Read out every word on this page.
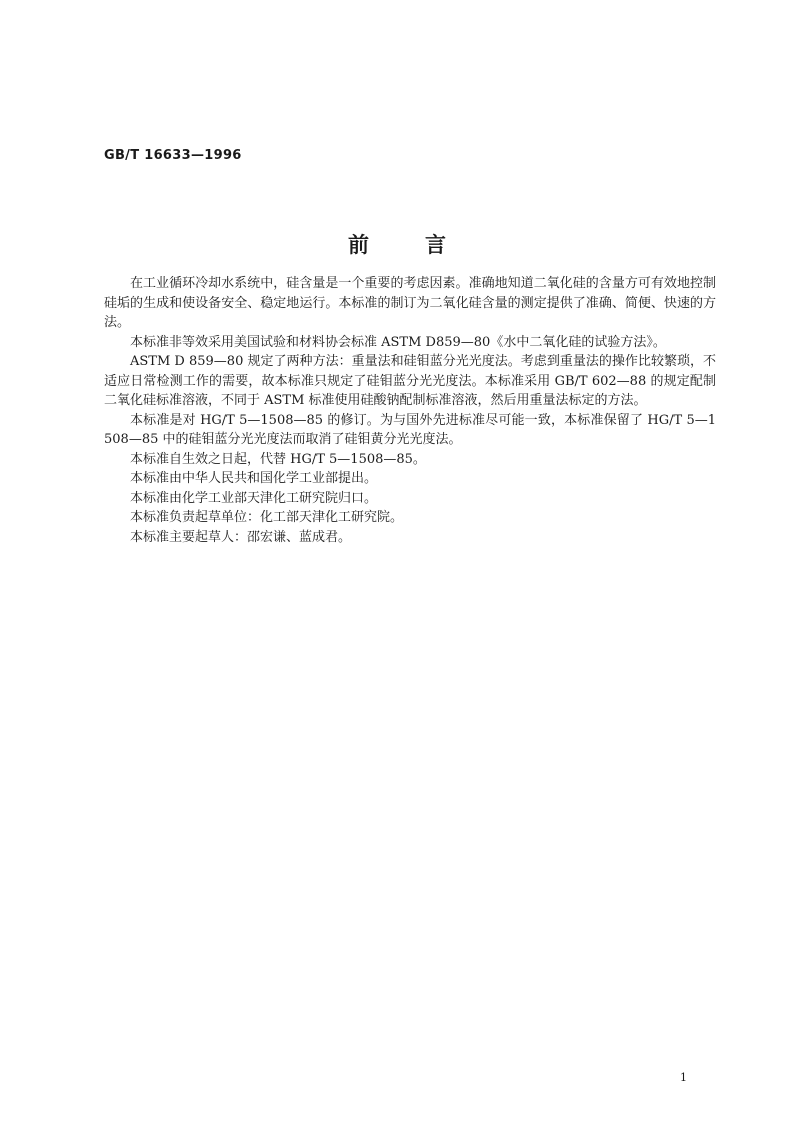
GB/T 16633—1996
前言

在工业循环冷却水系统中，硅含量是一个重要的考虑因素。准确地知道二氧化硅的含量方可有效地控制硅垢的生成和使设备安全、稳定地运行。本标准的制订为二氧化硅含量的测定提供了准确、简便、快速的方法。

本标准非等效采用美国试验和材料协会标准 ASTM D859—80《水中二氧化硅的试验方法》。

ASTM D 859—80 规定了两种方法：重量法和硅钼蓝分光光度法。考虑到重量法的操作比较繁琐，不适应日常检测工作的需要，故本标准只规定了硅钼蓝分光光度法。本标准采用 GB/T 602—88 的规定配制二氧化硅标准溶液，不同于 ASTM 标准使用硅酸钠配制标准溶液，然后用重量法标定的方法。

本标准是对 HG/T 5—1508—85 的修订。为与国外先进标准尽可能一致，本标准保留了 HG/T 5—1508—85 中的硅钼蓝分光光度法而取消了硅钼黄分光光度法。

本标准自生效之日起，代替 HG/T 5—1508—85。

本标准由中华人民共和国化学工业部提出。

本标准由化学工业部天津化工研究院归口。

本标准负责起草单位：化工部天津化工研究院。

本标准主要起草人：邵宏谦、蓝成君。

1
